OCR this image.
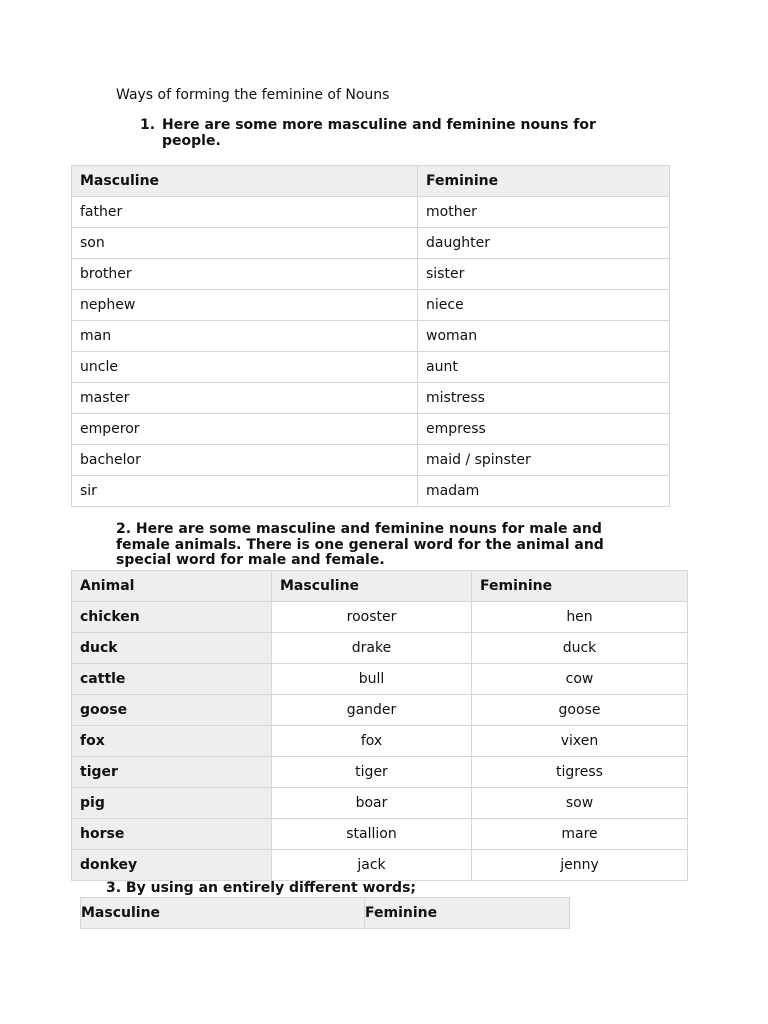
Ways of forming the feminine of Nouns
1. Here are some more masculine and feminine nouns for people.
Masculine	Feminine
father	mother
son	daughter
brother	sister
nephew	niece
man	woman
uncle	aunt
master	mistress
emperor	empress
bachelor	maid / spinster
sir	madam
2. Here are some masculine and feminine nouns for male and female animals. There is one general word for the animal and special word for male and female.
Animal	Masculine	Feminine
chicken	rooster	hen
duck	drake	duck
cattle	bull	cow
goose	gander	goose
fox	fox	vixen
tiger	tiger	tigress
pig	boar	sow
horse	stallion	mare
donkey	jack	jenny
3. By using an entirely different words;
Masculine	Feminine
